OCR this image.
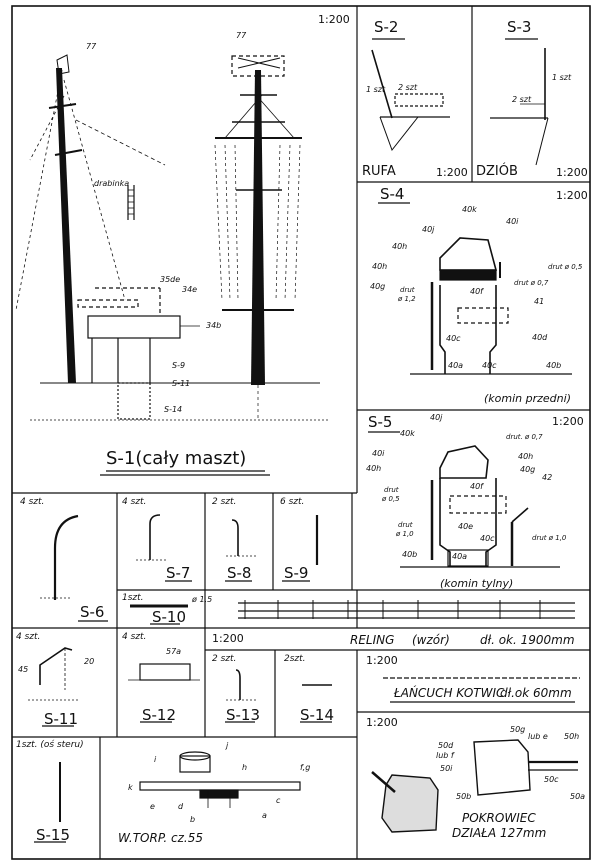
1:200
77
77
drabinka
35de
34e
34b
S-9
S-11
S-14
S-1(cały maszt)
S-2
1 szt 2 szt
RUFA	1:200
S-3
1 szt
2 szt
DZIÓB	1:200
1:200
S-4
40k
40j
40i
40h
40h
40g
40f
41
40c	40d
40a 40c	40b
drut ø 0,5
drut ø 0,7
drut
ø 1,2
(komin przedni)
1:200
S-5	40j
40k	drut. ø 0,7
40i
40h
40h
40g
40f
42
drut
ø 0,5
drut
ø 1,0
40e
40c
40b	40a
drut ø 1,0
(komin tylny)
4 szt.
S-6
4 szt.
S-7
2 szt.
S-8
6 szt.
S-9
1szt.	ø 1,5
S-10
1:200	RELING (wzór)	dł. ok. 1900mm
4 szt.
45
20
S-11
4 szt.
57a
S-12
2 szt.
S-13
2szt.
S-14
1:200
ŁAŃCUCH KOTWIC
dł.ok 60mm
1szt. (oś steru)
S-15
j
i
h	f,g
k
e	d
b
c
a
W.TORP. cz.55
1:200
50g
lub e 50h
50d
lub f
50i
50c
50b	50a
POKROWIEC
DZIAŁA 127mm
